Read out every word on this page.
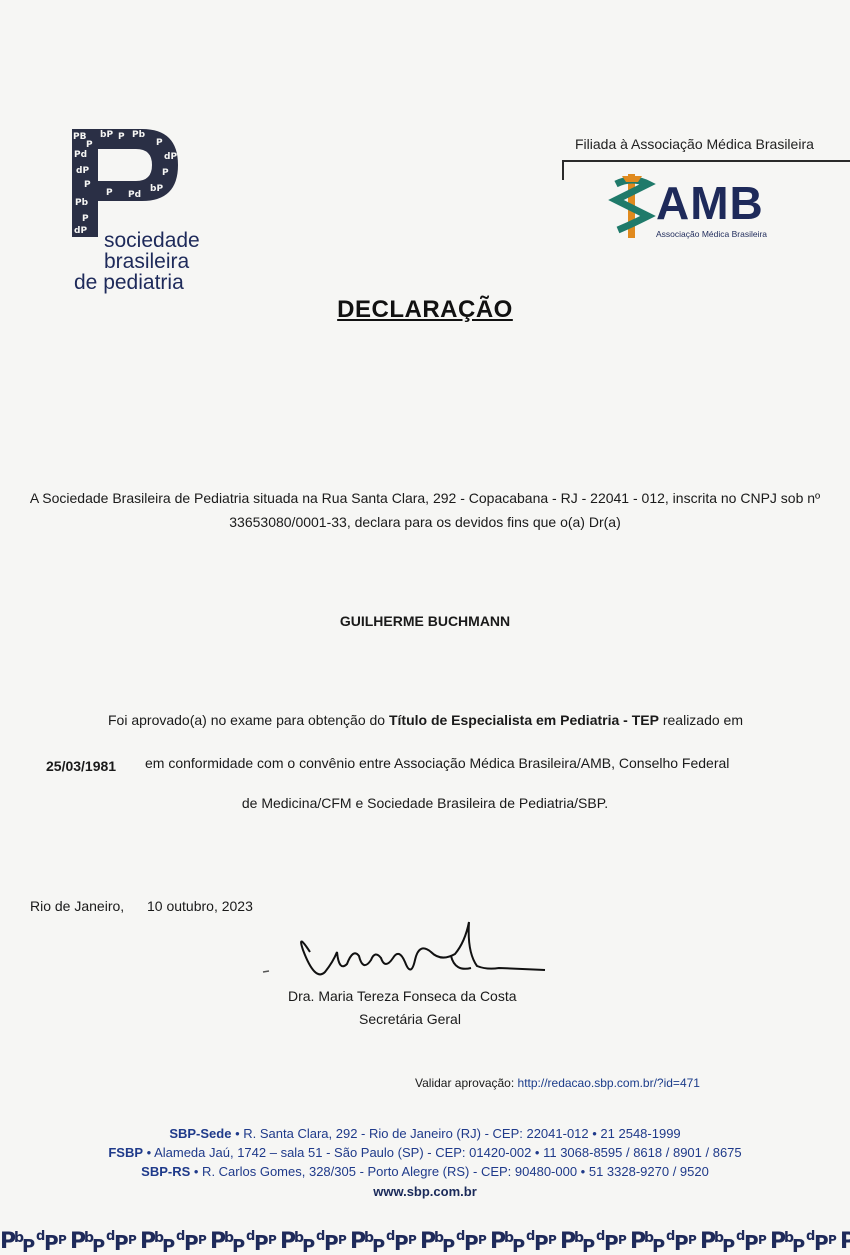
PB
P
Pd
bP P Pb
P
dP
P
bP
Pd
P
dP
P
Pb
P
dP sociedade
brasileira
de pediatria
Filiada à Associação Médica Brasileira
AMB
Associação Médica Brasileira
DECLARAÇÃO
A Sociedade Brasileira de Pediatria situada na Rua Santa Clara, 292 - Copacabana - RJ - 22041 - 012, inscrita no CNPJ sob nº
33653080/0001-33, declara para os devidos fins que o(a) Dr(a)
GUILHERME BUCHMANN
Foi aprovado(a) no exame para obtenção do Título de Especialista em Pediatria - TEP realizado em
25/03/1981 em conformidade com o convênio entre Associação Médica Brasileira/AMB, Conselho Federal
de Medicina/CFM e Sociedade Brasileira de Pediatria/SBP.
Rio de Janeiro, 10 outubro, 2023
Dra. Maria Tereza Fonseca da Costa
Secretária Geral
Validar aprovação: http://redacao.sbp.com.br/?id=471
SBP-Sede • R. Santa Clara, 292 - Rio de Janeiro (RJ) - CEP: 22041-012 • 21 2548-1999
FSBP • Alameda Jaú, 1742 – sala 51 - São Paulo (SP) - CEP: 01420-002 • 11 3068-8595 / 8618 / 8901 / 8675
SBP-RS • R. Carlos Gomes, 328/305 - Porto Alegre (RS) - CEP: 90480-000 • 51 3328-9270 / 9520
www.sbp.com.br
